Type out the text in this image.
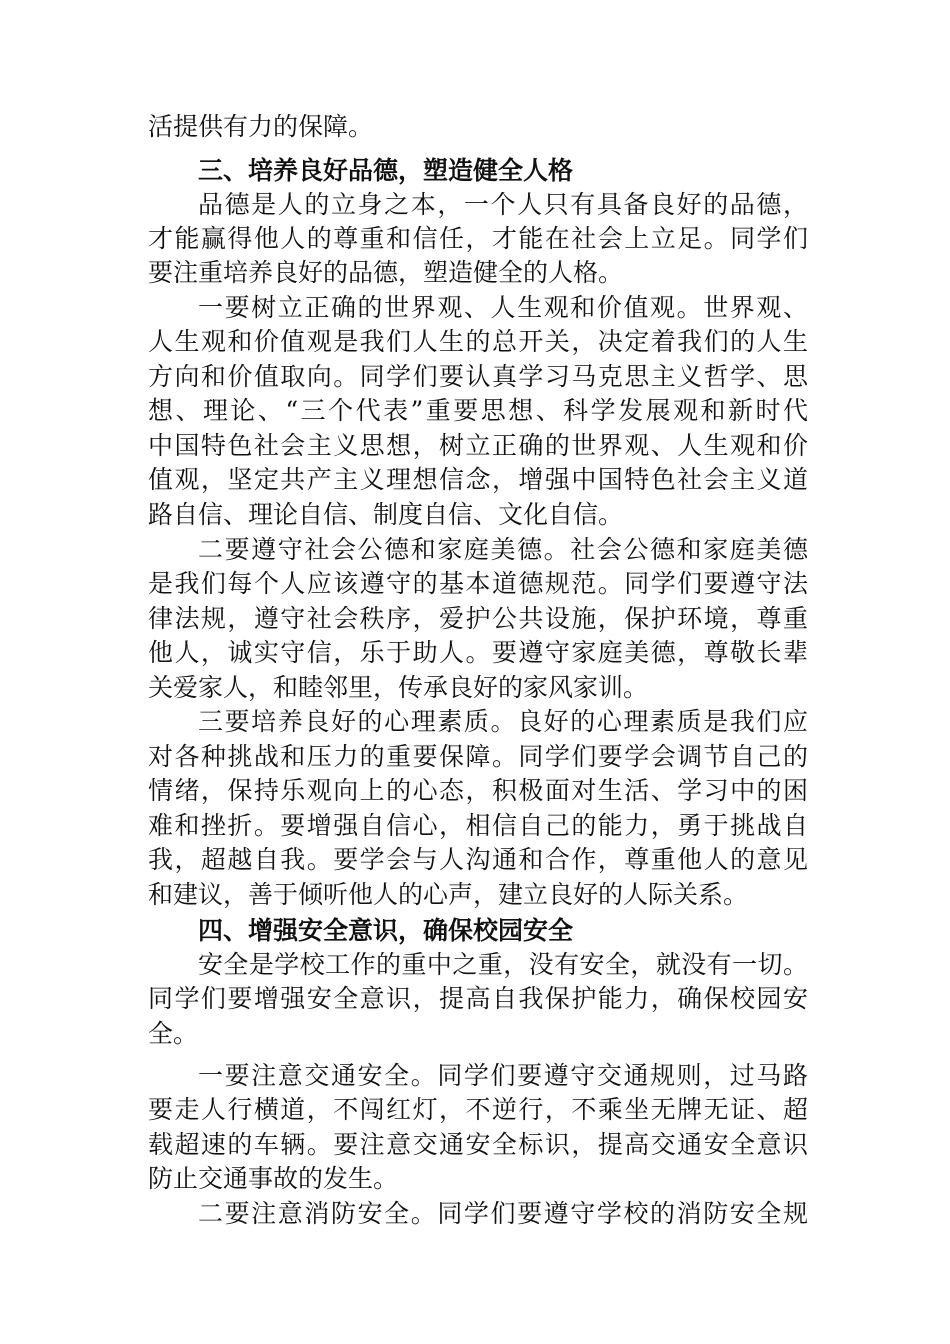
活提供有力的保障。
三、培养良好品德，塑造健全人格
品德是人的立身之本，一个人只有具备良好的品德，
才能赢得他人的尊重和信任，才能在社会上立足。同学们
要注重培养良好的品德，塑造健全的人格。
一要树立正确的世界观、人生观和价值观。世界观、
人生观和价值观是我们人生的总开关，决定着我们的人生
方向和价值取向。同学们要认真学习马克思主义哲学、思
想、理论、“三个代表”重要思想、科学发展观和新时代
中国特色社会主义思想，树立正确的世界观、人生观和价
值观，坚定共产主义理想信念，增强中国特色社会主义道
路自信、理论自信、制度自信、文化自信。
二要遵守社会公德和家庭美德。社会公德和家庭美德
是我们每个人应该遵守的基本道德规范。同学们要遵守法
律法规，遵守社会秩序，爱护公共设施，保护环境，尊重
他人，诚实守信，乐于助人。要遵守家庭美德，尊敬长辈
关爱家人，和睦邻里，传承良好的家风家训。
三要培养良好的心理素质。良好的心理素质是我们应
对各种挑战和压力的重要保障。同学们要学会调节自己的
情绪，保持乐观向上的心态，积极面对生活、学习中的困
难和挫折。要增强自信心，相信自己的能力，勇于挑战自
我，超越自我。要学会与人沟通和合作，尊重他人的意见
和建议，善于倾听他人的心声，建立良好的人际关系。
四、增强安全意识，确保校园安全
安全是学校工作的重中之重，没有安全，就没有一切。
同学们要增强安全意识，提高自我保护能力，确保校园安
全。
一要注意交通安全。同学们要遵守交通规则，过马路
要走人行横道，不闯红灯，不逆行，不乘坐无牌无证、超
载超速的车辆。要注意交通安全标识，提高交通安全意识
防止交通事故的发生。
二要注意消防安全。同学们要遵守学校的消防安全规
